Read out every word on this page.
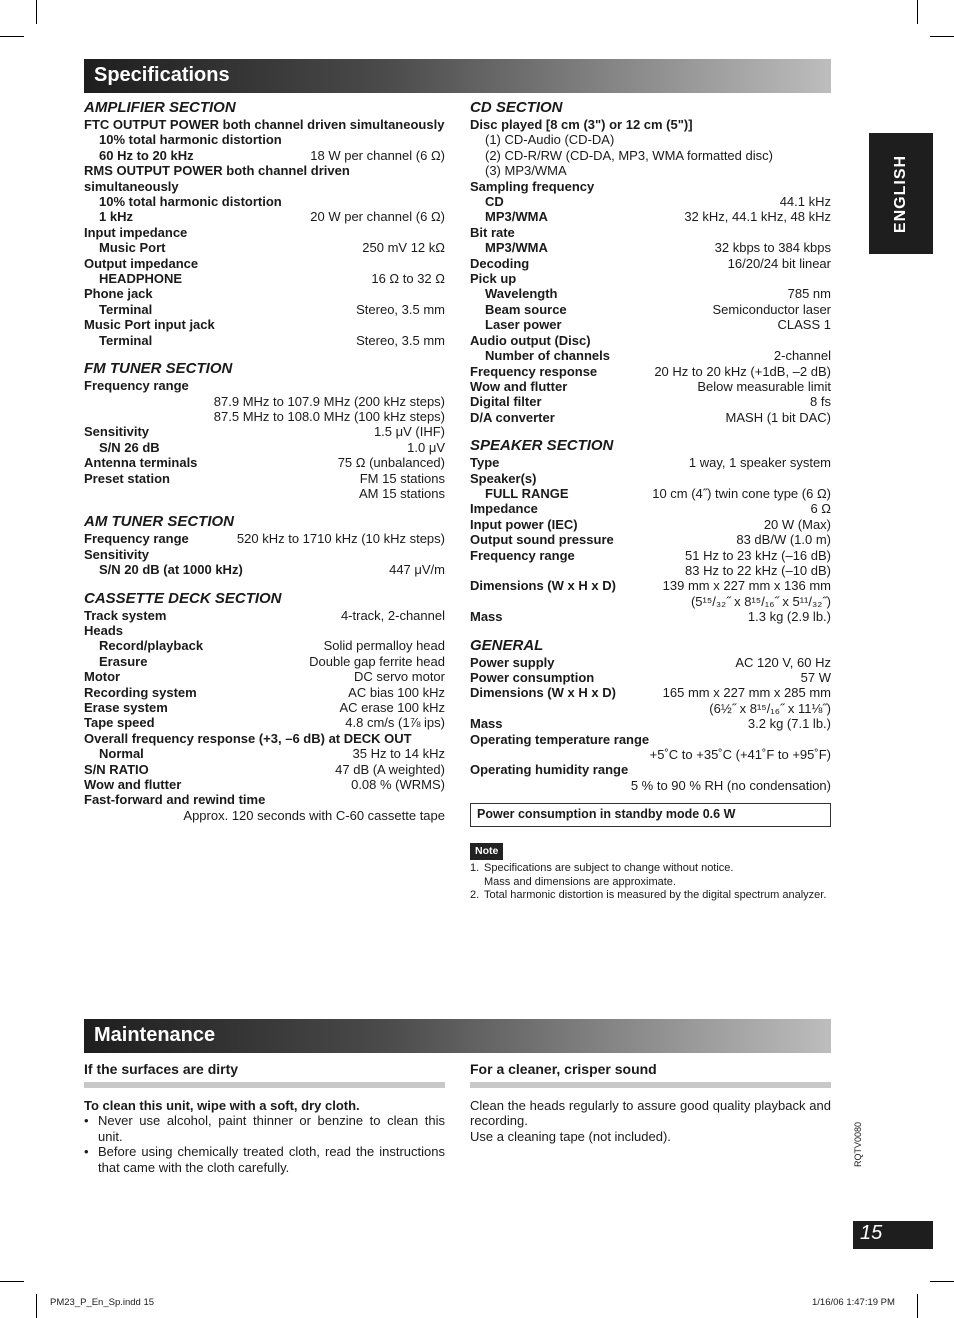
Specifications
ENGLISH
AMPLIFIER SECTION
FTC OUTPUT POWER both channel driven simultaneously
10% total harmonic distortion
60 Hz to 20 kHz	18 W per channel (6 Ω)
RMS OUTPUT POWER both channel driven simultaneously
10% total harmonic distortion
1 kHz	20 W per channel (6 Ω)
Input impedance
Music Port	250 mV 12 kΩ
Output impedance
HEADPHONE	16 Ω to 32 Ω
Phone jack
Terminal	Stereo, 3.5 mm
Music Port input jack
Terminal	Stereo, 3.5 mm
FM TUNER SECTION
Frequency range
87.9 MHz to 107.9 MHz (200 kHz steps)
87.5 MHz to 108.0 MHz (100 kHz steps)
Sensitivity	1.5 μV (IHF)
S/N 26 dB	1.0 μV
Antenna terminals	75 Ω (unbalanced)
Preset station	FM 15 stations
AM 15 stations
AM TUNER SECTION
Frequency range	520 kHz to 1710 kHz (10 kHz steps)
Sensitivity
S/N 20 dB (at 1000 kHz)	447 μV/m
CASSETTE DECK SECTION
Track system	4-track, 2-channel
Heads
Record/playback	Solid permalloy head
Erasure	Double gap ferrite head
Motor	DC servo motor
Recording system	AC bias 100 kHz
Erase system	AC erase 100 kHz
Tape speed	4.8 cm/s (1⅞ ips)
Overall frequency response (+3, –6 dB) at DECK OUT
Normal	35 Hz to 14 kHz
S/N RATIO	47 dB (A weighted)
Wow and flutter	0.08 % (WRMS)
Fast-forward and rewind time
Approx. 120 seconds with C-60 cassette tape
CD SECTION
Disc played [8 cm (3") or 12 cm (5")]
(1) CD-Audio (CD-DA)
(2) CD-R/RW (CD-DA, MP3, WMA formatted disc)
(3) MP3/WMA
Sampling frequency
CD	44.1 kHz
MP3/WMA	32 kHz, 44.1 kHz, 48 kHz
Bit rate
MP3/WMA	32 kbps to 384 kbps
Decoding	16/20/24 bit linear
Pick up
Wavelength	785 nm
Beam source	Semiconductor laser
Laser power	CLASS 1
Audio output (Disc)
Number of channels	2-channel
Frequency response	20 Hz to 20 kHz (+1dB, –2 dB)
Wow and flutter	Below measurable limit
Digital filter	8 fs
D/A converter	MASH (1 bit DAC)
SPEAKER SECTION
Type	1 way, 1 speaker system
Speaker(s)
FULL RANGE	10 cm (4˝) twin cone type (6 Ω)
Impedance	6 Ω
Input power (IEC)	20 W (Max)
Output sound pressure	83 dB/W (1.0 m)
Frequency range	51 Hz to 23 kHz (–16 dB)
83 Hz to 22 kHz (–10 dB)
Dimensions (W x H x D)	139 mm x 227 mm x 136 mm
(5¹⁵/₃₂˝ x 8¹⁵/₁₆˝ x 5¹¹/₃₂˝)
Mass	1.3 kg (2.9 lb.)
GENERAL
Power supply	AC 120 V, 60 Hz
Power consumption	57 W
Dimensions (W x H x D)	165 mm x 227 mm x 285 mm
(6½˝ x 8¹⁵/₁₆˝ x 11⅛˝)
Mass	3.2 kg (7.1 lb.)
Operating temperature range
+5˚C to +35˚C (+41˚F to +95˚F)
Operating humidity range
5 % to 90 % RH (no condensation)
Power consumption in standby mode 0.6 W
Note
1. Specifications are subject to change without notice.
Mass and dimensions are approximate.
2. Total harmonic distortion is measured by the digital spectrum analyzer.
Maintenance
If the surfaces are dirty
To clean this unit, wipe with a soft, dry cloth.
• Never use alcohol, paint thinner or benzine to clean this unit.
• Before using chemically treated cloth, read the instructions that came with the cloth carefully.
For a cleaner, crisper sound
Clean the heads regularly to assure good quality playback and recording.
Use a cleaning tape (not included).	RQTV0080
15
PM23_P_En_Sp.indd 15	1/16/06 1:47:19 PM
